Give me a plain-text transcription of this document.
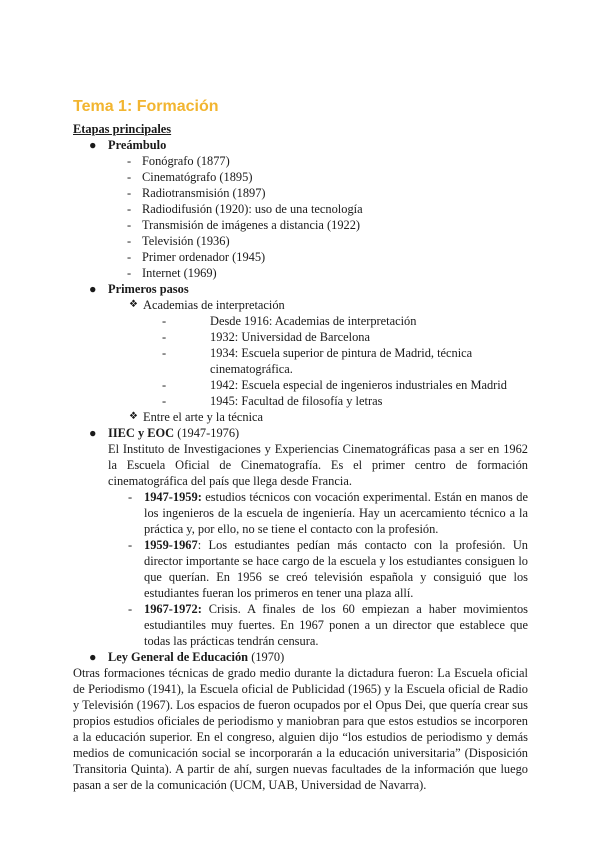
Tema 1: Formación
Etapas principales
● Preámbulo
- Fonógrafo (1877)
- Cinematógrafo (1895)
- Radiotransmisión (1897)
- Radiodifusión (1920): uso de una tecnología
- Transmisión de imágenes a distancia (1922)
- Televisión (1936)
- Primer ordenador (1945)
- Internet (1969)
● Primeros pasos
❖ Academias de interpretación
-	Desde 1916: Academias de interpretación
-	1932: Universidad de Barcelona
-	1934: Escuela superior de pintura de Madrid, técnica cinematográfica.
-	1942: Escuela especial de ingenieros industriales en Madrid
-	1945: Facultad de filosofía y letras
❖ Entre el arte y la técnica
● IIEC y EOC (1947-1976)
El Instituto de Investigaciones y Experiencias Cinematográficas pasa a ser en 1962 la Escuela Oficial de Cinematografía. Es el primer centro de formación cinematográfica del país que llega desde Francia.
- 1947-1959: estudios técnicos con vocación experimental. Están en manos de los ingenieros de la escuela de ingeniería. Hay un acercamiento técnico a la práctica y, por ello, no se tiene el contacto con la profesión.
- 1959-1967: Los estudiantes pedían más contacto con la profesión. Un director importante se hace cargo de la escuela y los estudiantes consiguen lo que querían. En 1956 se creó televisión española y consiguió que los estudiantes fueran los primeros en tener una plaza allí.
- 1967-1972: Crisis. A finales de los 60 empiezan a haber movimientos estudiantiles muy fuertes. En 1967 ponen a un director que establece que todas las prácticas tendrán censura.
● Ley General de Educación (1970)
Otras formaciones técnicas de grado medio durante la dictadura fueron: La Escuela oficial de Periodismo (1941), la Escuela oficial de Publicidad (1965) y la Escuela oficial de Radio y Televisión (1967). Los espacios de fueron ocupados por el Opus Dei, que quería crear sus propios estudios oficiales de periodismo y maniobran para que estos estudios se incorporen a la educación superior. En el congreso, alguien dijo “los estudios de periodismo y demás medios de comunicación social se incorporarán a la educación universitaria” (Disposición Transitoria Quinta). A partir de ahí, surgen nuevas facultades de la información que luego pasan a ser de la comunicación (UCM, UAB, Universidad de Navarra).
